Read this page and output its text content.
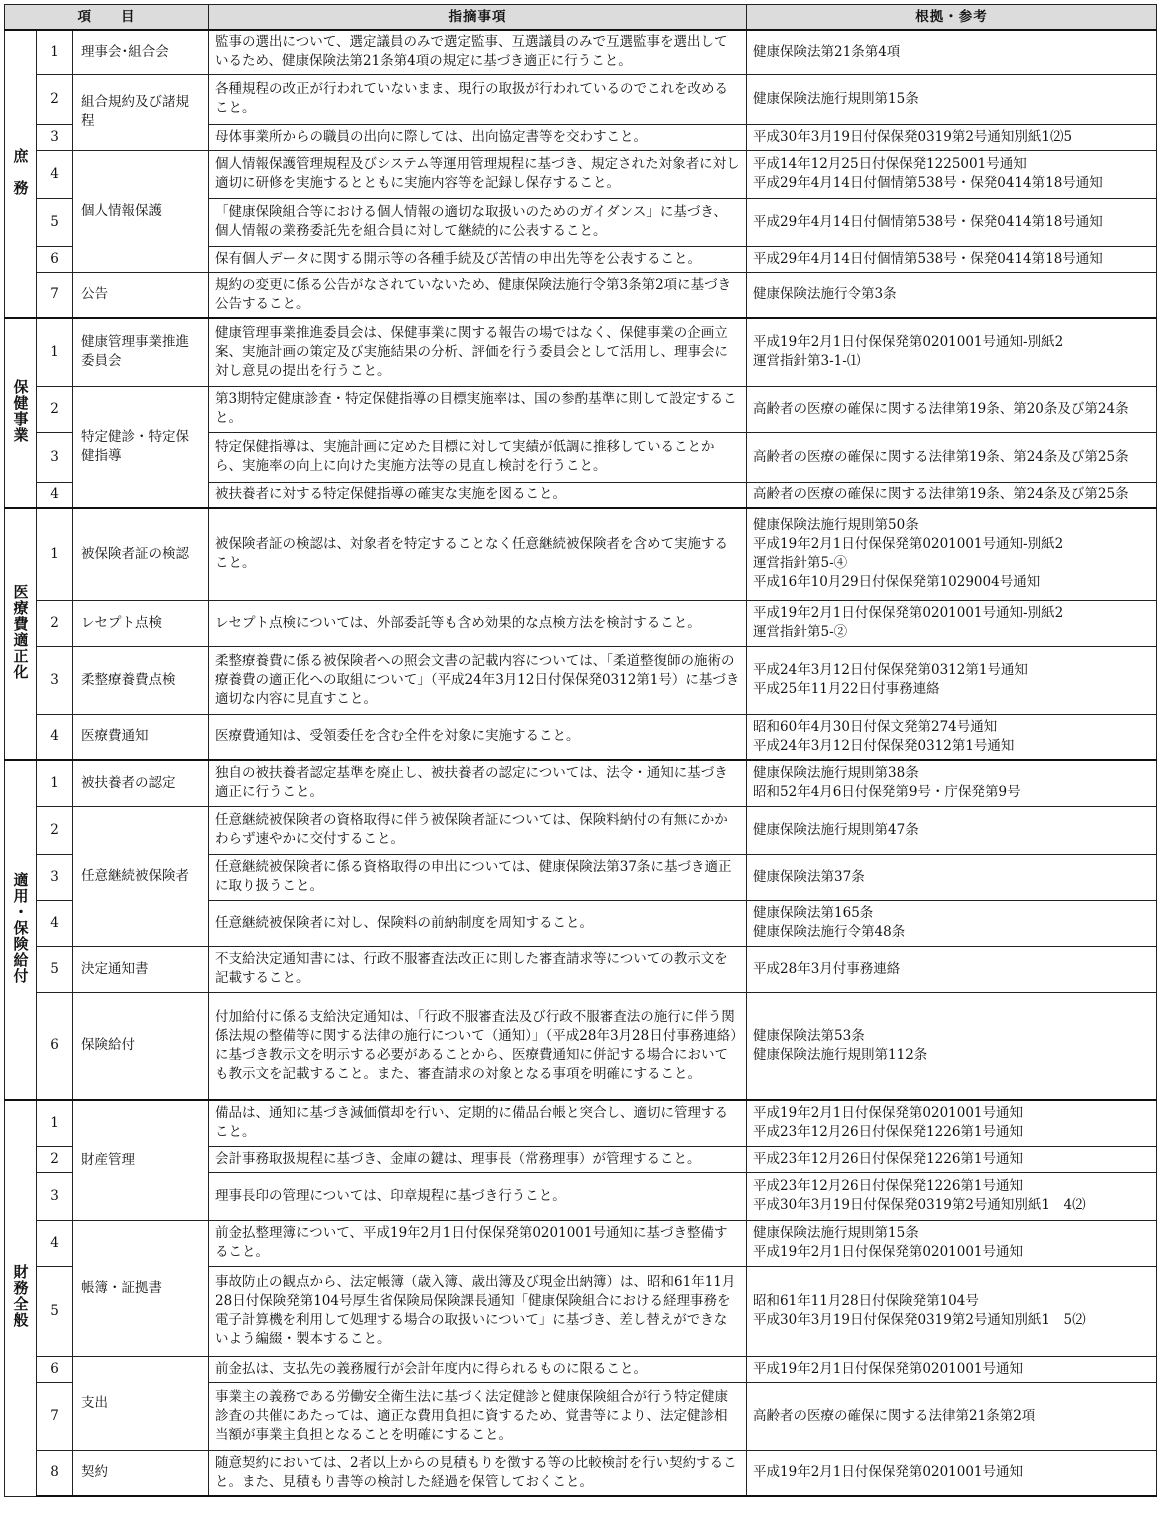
項　　目			指摘事項	根拠・参考
庶　務	1	理事会･組合会	監事の選出について、選定議員のみで選定監事、互選議員のみで互選監事を選出しているため、健康保険法第21条第4項の規定に基づき適正に行うこと。	健康保険法第21条第4項
	2	組合規約及び諸規程	各種規程の改正が行われていないまま、現行の取扱が行われているのでこれを改めること。	健康保険法施行規則第15条
	3		母体事業所からの職員の出向に際しては、出向協定書等を交わすこと。	平成30年3月19日付保保発0319第2号通知別紙1⑵5
	4	個人情報保護	個人情報保護管理規程及びシステム等運用管理規程に基づき、規定された対象者に対し適切に研修を実施するとともに実施内容等を記録し保存すること。	平成14年12月25日付保保発1225001号通知
平成29年4月14日付個情第538号・保発0414第18号通知
	5		「健康保険組合等における個人情報の適切な取扱いのためのガイダンス」に基づき、個人情報の業務委託先を組合員に対して継続的に公表すること。	平成29年4月14日付個情第538号・保発0414第18号通知
	6		保有個人データに関する開示等の各種手続及び苦情の申出先等を公表すること。	平成29年4月14日付個情第538号・保発0414第18号通知
	7	公告	規約の変更に係る公告がなされていないため、健康保険法施行令第3条第2項に基づき公告すること。	健康保険法施行令第3条
保健事業	1	健康管理事業推進委員会	健康管理事業推進委員会は、保健事業に関する報告の場ではなく、保健事業の企画立案、実施計画の策定及び実施結果の分析、評価を行う委員会として活用し、理事会に対し意見の提出を行うこと。	平成19年2月1日付保保発第0201001号通知-別紙2
運営指針第3-1-⑴
	2	特定健診・特定保健指導	第3期特定健康診査・特定保健指導の目標実施率は、国の参酌基準に則して設定すること。	高齢者の医療の確保に関する法律第19条、第20条及び第24条
	3		特定保健指導は、実施計画に定めた目標に対して実績が低調に推移していることから、実施率の向上に向けた実施方法等の見直し検討を行うこと。	高齢者の医療の確保に関する法律第19条、第24条及び第25条
	4		被扶養者に対する特定保健指導の確実な実施を図ること。	高齢者の医療の確保に関する法律第19条、第24条及び第25条
医療費適正化	1	被保険者証の検認	被保険者証の検認は、対象者を特定することなく任意継続被保険者を含めて実施すること。	健康保険法施行規則第50条
平成19年2月1日付保保発第0201001号通知-別紙2
運営指針第5-④
平成16年10月29日付保保発第1029004号通知
	2	レセプト点検	レセプト点検については、外部委託等も含め効果的な点検方法を検討すること。	平成19年2月1日付保保発第0201001号通知-別紙2
運営指針第5-②
	3	柔整療養費点検	柔整療養費に係る被保険者への照会文書の記載内容については、「柔道整復師の施術の療養費の適正化への取組について」（平成24年3月12日付保保発0312第1号）に基づき適切な内容に見直すこと。	平成24年3月12日付保保発第0312第1号通知
平成25年11月22日付事務連絡
	4	医療費通知	医療費通知は、受領委任を含む全件を対象に実施すること。	昭和60年4月30日付保文発第274号通知
平成24年3月12日付保保発0312第1号通知
適用・保険給付	1	被扶養者の認定	独自の被扶養者認定基準を廃止し、被扶養者の認定については、法令・通知に基づき適正に行うこと。	健康保険法施行規則第38条
昭和52年4月6日付保発第9号・庁保発第9号
	2	任意継続被保険者	任意継続被保険者の資格取得に伴う被保険者証については、保険料納付の有無にかかわらず速やかに交付すること。	健康保険法施行規則第47条
	3		任意継続被保険者に係る資格取得の申出については、健康保険法第37条に基づき適正に取り扱うこと。	健康保険法第37条
	4		任意継続被保険者に対し、保険料の前納制度を周知すること。	健康保険法第165条
健康保険法施行令第48条
	5	決定通知書	不支給決定通知書には、行政不服審査法改正に則した審査請求等についての教示文を記載すること。	平成28年3月付事務連絡
	6	保険給付	付加給付に係る支給決定通知は、「行政不服審査法及び行政不服審査法の施行に伴う関係法規の整備等に関する法律の施行について（通知）」（平成28年3月28日付事務連絡）に基づき教示文を明示する必要があることから、医療費通知に併記する場合においても教示文を記載すること。また、審査請求の対象となる事項を明確にすること。	健康保険法第53条
健康保険法施行規則第112条
財務全般	1	財産管理	備品は、通知に基づき減価償却を行い、定期的に備品台帳と突合し、適切に管理すること。	平成19年2月1日付保保発第0201001号通知
平成23年12月26日付保保発1226第1号通知
	2		会計事務取扱規程に基づき、金庫の鍵は、理事長（常務理事）が管理すること。	平成23年12月26日付保保発1226第1号通知
	3		理事長印の管理については、印章規程に基づき行うこと。	平成23年12月26日付保保発1226第1号通知
平成30年3月19日付保保発0319第2号通知別紙1　4⑵
	4	帳簿・証拠書	前金払整理簿について、平成19年2月1日付保保発第0201001号通知に基づき整備すること。	健康保険法施行規則第15条
平成19年2月1日付保保発第0201001号通知
	5		事故防止の観点から、法定帳簿（歳入簿、歳出簿及び現金出納簿）は、昭和61年11月28日付保険発第104号厚生省保険局保険課長通知「健康保険組合における経理事務を電子計算機を利用して処理する場合の取扱いについて」に基づき、差し替えができないよう編綴・製本すること。	昭和61年11月28日付保険発第104号
平成30年3月19日付保保発0319第2号通知別紙1　5⑵
	6	支出	前金払は、支払先の義務履行が会計年度内に得られるものに限ること。	平成19年2月1日付保保発第0201001号通知
	7		事業主の義務である労働安全衛生法に基づく法定健診と健康保険組合が行う特定健康診査の共催にあたっては、適正な費用負担に資するため、覚書等により、法定健診相当額が事業主負担となることを明確にすること。	高齢者の医療の確保に関する法律第21条第2項
	8	契約	随意契約においては、2者以上からの見積もりを徴する等の比較検討を行い契約すること。また、見積もり書等の検討した経過を保管しておくこと。	平成19年2月1日付保保発第0201001号通知
